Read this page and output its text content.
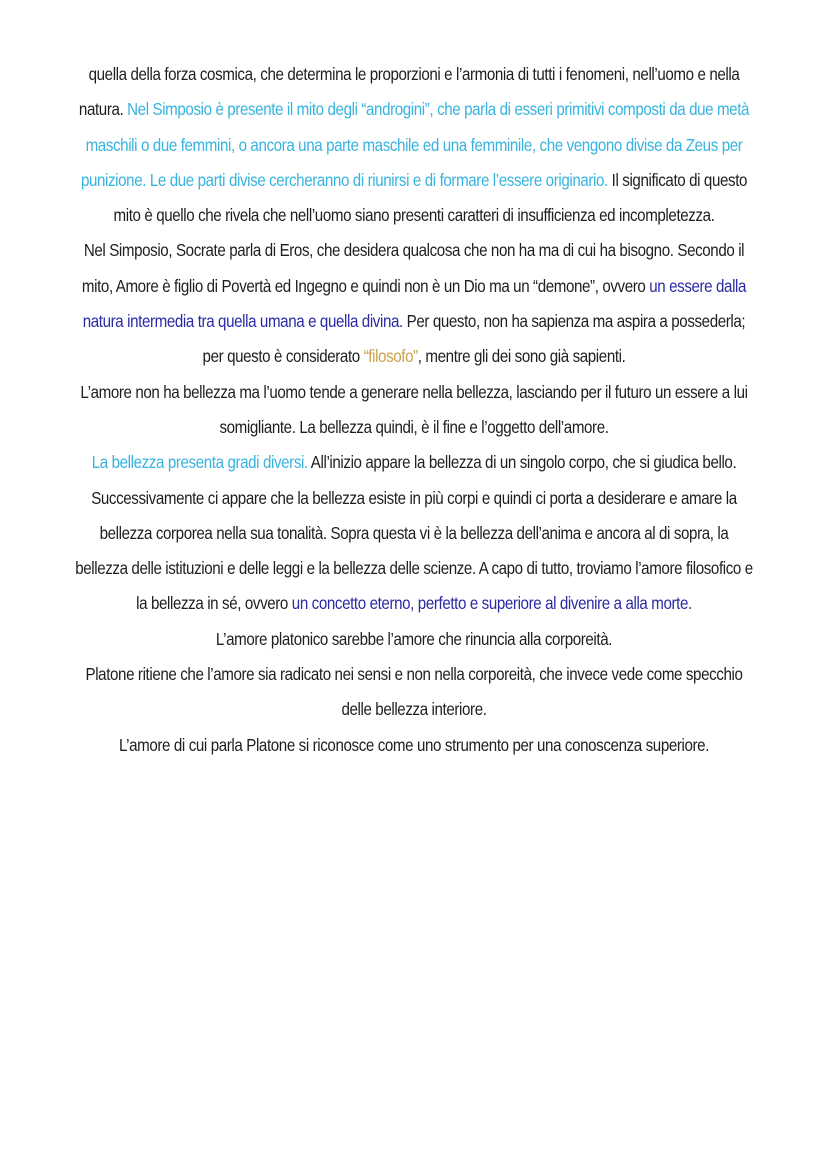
quella della forza cosmica, che determina le proporzioni e l’armonia di tutti i fenomeni, nell’uomo e nella natura. Nel Simposio è presente il mito degli “androgini”, che parla di esseri primitivi composti da due metà maschili o due femmini, o ancora una parte maschile ed una femminile, che vengono divise da Zeus per punizione. Le due parti divise cercheranno di riunirsi e di formare l’essere originario. Il significato di questo mito è quello che rivela che nell’uomo siano presenti caratteri di insufficienza ed incompletezza.

Nel Simposio, Socrate parla di Eros, che desidera qualcosa che non ha ma di cui ha bisogno. Secondo il mito, Amore è figlio di Povertà ed Ingegno e quindi non è un Dio ma un “demone”, ovvero un essere dalla natura intermedia tra quella umana e quella divina. Per questo, non ha sapienza ma aspira a possederla; per questo è considerato “filosofo”, mentre gli dei sono già sapienti.

L’amore non ha bellezza ma l’uomo tende a generare nella bellezza, lasciando per il futuro un essere a lui somigliante. La bellezza quindi, è il fine e l’oggetto dell’amore.

La bellezza presenta gradi diversi. All’inizio appare la bellezza di un singolo corpo, che si giudica bello. Successivamente ci appare che la bellezza esiste in più corpi e quindi ci porta a desiderare e amare la bellezza corporea nella sua tonalità. Sopra questa vi è la bellezza dell’anima e ancora al di sopra, la bellezza delle istituzioni e delle leggi e la bellezza delle scienze. A capo di tutto, troviamo l’amore filosofico e la bellezza in sé, ovvero un concetto eterno, perfetto e superiore al divenire a alla morte.

L’amore platonico sarebbe l’amore che rinuncia alla corporeità.

Platone ritiene che l’amore sia radicato nei sensi e non nella corporeità, che invece vede come specchio delle bellezza interiore.

L’amore di cui parla Platone si riconosce come uno strumento per una conoscenza superiore.
